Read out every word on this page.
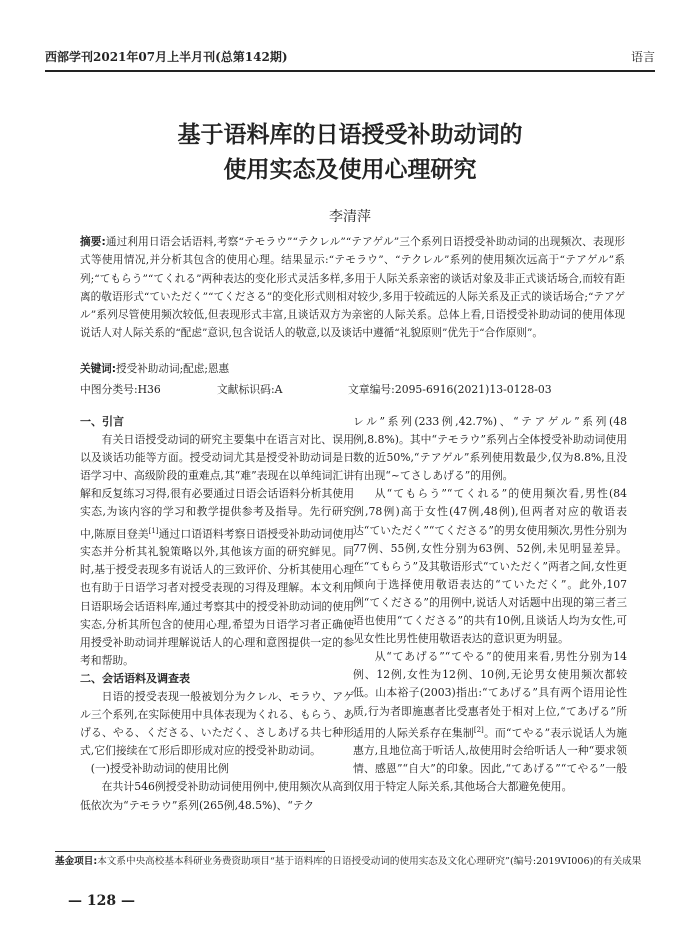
西部学刊2021年07月上半月刊(总第142期)	语言
基于语料库的日语授受补助动词的
使用实态及使用心理研究
李清萍
摘要:通过利用日语会话语料,考察“テモラウ”“テクレル”“テアゲル”三个系列日语授受补助动词的出现频次、表现形式等使用情况,并分析其包含的使用心理。结果显示:“テモラウ”、“テクレル”系列的使用频次远高于“テアゲル”系列;“てもらう”“てくれる”两种表达的变化形式灵活多样,多用于人际关系亲密的谈话对象及非正式谈话场合,而较有距离的敬语形式“ていただく”“てくださる”的变化形式则相对较少,多用于较疏远的人际关系及正式的谈话场合;“テアゲル”系列尽管使用频次较低,但表现形式丰富,且谈话双方为亲密的人际关系。总体上看,日语授受补助动词的使用体现说话人对人际关系的“配虑”意识,包含说话人的敬意,以及谈话中遵循“礼貌原则”优先于“合作原则”。
关键词:授受补助动词;配虑;恩惠
中图分类号:H36	文献标识码:A	文章编号:2095-6916(2021)13-0128-03

一、引言

有关日语授受动词的研究主要集中在语言对比、误用以及谈话功能等方面。授受动词尤其是授受补助动词是日语学习中、高级阶段的重难点,其“难”表现在以单纯词汇讲解和反复练习习得,很有必要通过日语会话语料分析其使用实态,为该内容的学习和教学提供参考及指导。先行研究中,陈原目登美[1]通过口语语料考察日语授受补助动词使用实态并分析其礼貌策略以外,其他该方面的研究鲜见。同时,基于授受表现多有说话人的三致评价、分析其使用心理也有助于日语学习者对授受表现的习得及理解。本文利用日语职场会话语料库,通过考察其中的授受补助动词的使用实态,分析其所包含的使用心理,希望为日语学习者正确使用授受补助动词并理解说话人的心理和意图提供一定的参考和帮助。

二、会话语料及调查表

日语的授受表现一般被划分为クレル、モラウ、アゲル三个系列,在实际使用中具体表现为くれる、もらう、あげる、やる、くださる、いただく、さしあげる共七种形式,它们接续在て形后即形成对应的授受补助动词。

(一)授受补助动词的使用比例

在共计546例授受补助动词使用例中,使用频次从高到低依次为“テモラウ”系列(265例,48.5%)、“テク

レル”系列(233例,42.7%)、“テアゲル”系列(48例,8.8%)。其中“テモラウ”系列占全体授受补助动词使用数的近50%,“テアゲル”系列使用数最少,仅为8.8%,且没有出现“~てさしあげる”的用例。

从“てもらう”“てくれる”的使用频次看,男性(84例,78例)高于女性(47例,48例),但两者对应的敬语表达“ていただく”“てくださる”的男女使用频次,男性分别为77例、55例,女性分别为63例、52例,未见明显差异。在“てもらう”及其敬语形式“ていただく”两者之间,女性更倾向于选择使用敬语表达的“ていただく”。此外,107例“てくださる”的用例中,说话人对话题中出现的第三者三语也使用“てくださる”的共有10例,且谈话人均为女性,可见女性比男性使用敬语表达的意识更为明显。

从“てあげる”“てやる”的使用来看,男性分别为14例、12例,女性为12例、10例,无论男女使用频次都较低。山本裕子(2003)指出:“てあげる”具有两个语用论性质,行为者即施惠者比受惠者处于相对上位,“てあげる”所适用的人际关系存在集制[2]。而“てやる”表示说话人为施惠方,且地位高于听话人,故使用时会给听话人一种“要求领情、感恩”“自大”的印象。因此,“てあげる”“てやる”一般仅用于特定人际关系,其他场合大都避免使用。

基金项目:本文系中央高校基本科研业务费资助项目“基于语料库的日语授受动词的使用实态及文化心理研究”(编号:2019VI006)的有关成果
— 128 —
